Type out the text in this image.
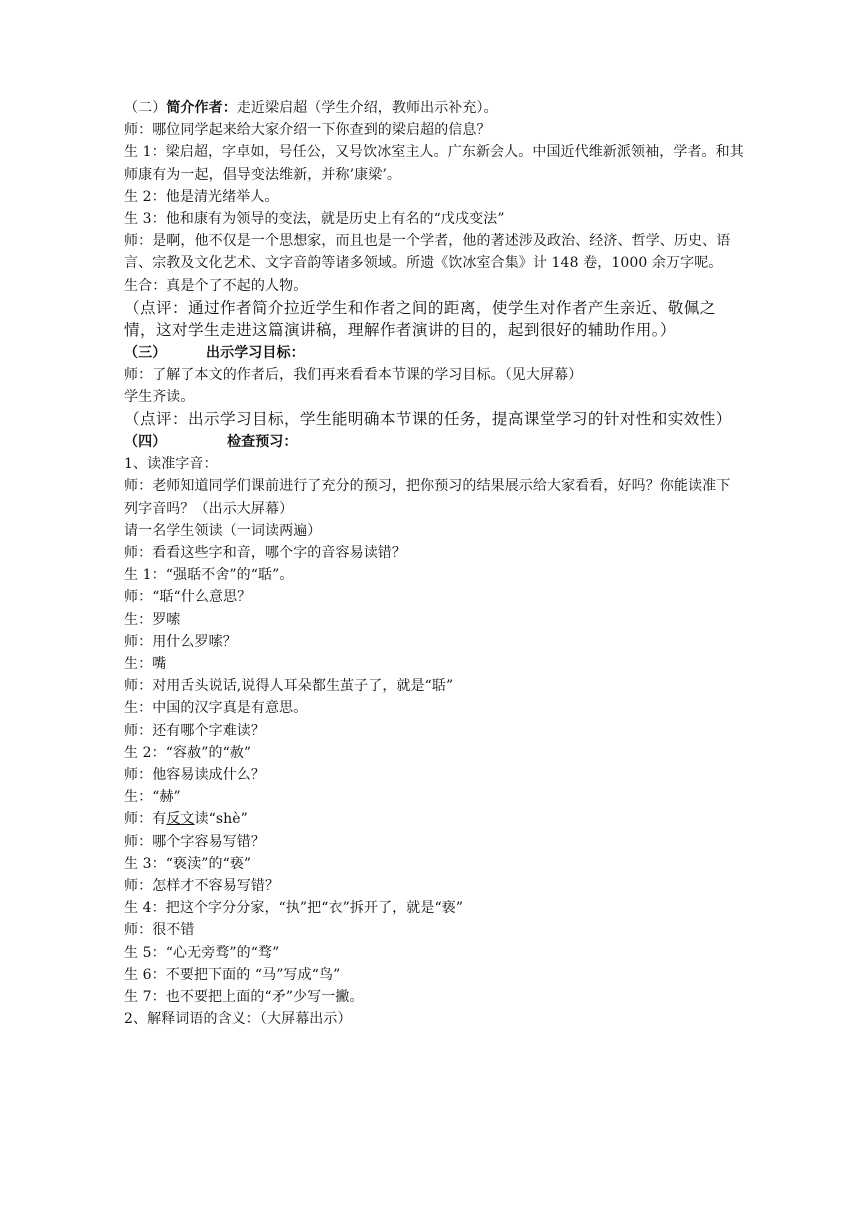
（二）简介作者：走近梁启超（学生介绍，教师出示补充）。
师：哪位同学起来给大家介绍一下你查到的梁启超的信息？
生 1：梁启超，字卓如，号任公，又号饮冰室主人。广东新会人。中国近代维新派领袖，学者。和其师康有为一起，倡导变法维新，并称’康梁’。
生 2：他是清光绪举人。
生 3：他和康有为领导的变法，就是历史上有名的“戊戌变法”
师：是啊，他不仅是一个思想家，而且也是一个学者，他的著述涉及政治、经济、哲学、历史、语言、宗教及文化艺术、文字音韵等诸多领域。所遗《饮冰室合集》计 148 卷，1000 余万字呢。
生合：真是个了不起的人物。
（点评：通过作者简介拉近学生和作者之间的距离，使学生对作者产生亲近、敬佩之情，这对学生走进这篇演讲稿，理解作者演讲的目的，起到很好的辅助作用。）
（三）	出示学习目标：
师：了解了本文的作者后，我们再来看看本节课的学习目标。（见大屏幕）
学生齐读。
（点评：出示学习目标，学生能明确本节课的任务，提高课堂学习的针对性和实效性）
（四）	检查预习：
1、读准字音：
师：老师知道同学们课前进行了充分的预习，把你预习的结果展示给大家看看，好吗？你能读准下列字音吗？（出示大屏幕）
请一名学生领读（一词读两遍）
师：看看这些字和音，哪个字的音容易读错？
生 1：“强聒不舍”的“聒”。
师：“聒“什么意思？
生：罗嗦
师：用什么罗嗦？
生：嘴
师：对用舌头说话,说得人耳朵都生茧子了，就是“聒”
生：中国的汉字真是有意思。
师：还有哪个字难读？
生 2：“容赦”的“赦”
师：他容易读成什么？
生：“赫”
师：有反文读“shè”
师：哪个字容易写错？
生 3：“亵渎”的“亵”
师：怎样才不容易写错？
生 4：把这个字分分家，“执”把“衣”拆开了，就是“亵”
师：很不错
生 5：“心无旁骛”的“骛”
生 6：不要把下面的 “马”写成“鸟”
生 7：也不要把上面的“矛”少写一撇。
2、解释词语的含义：（大屏幕出示）
